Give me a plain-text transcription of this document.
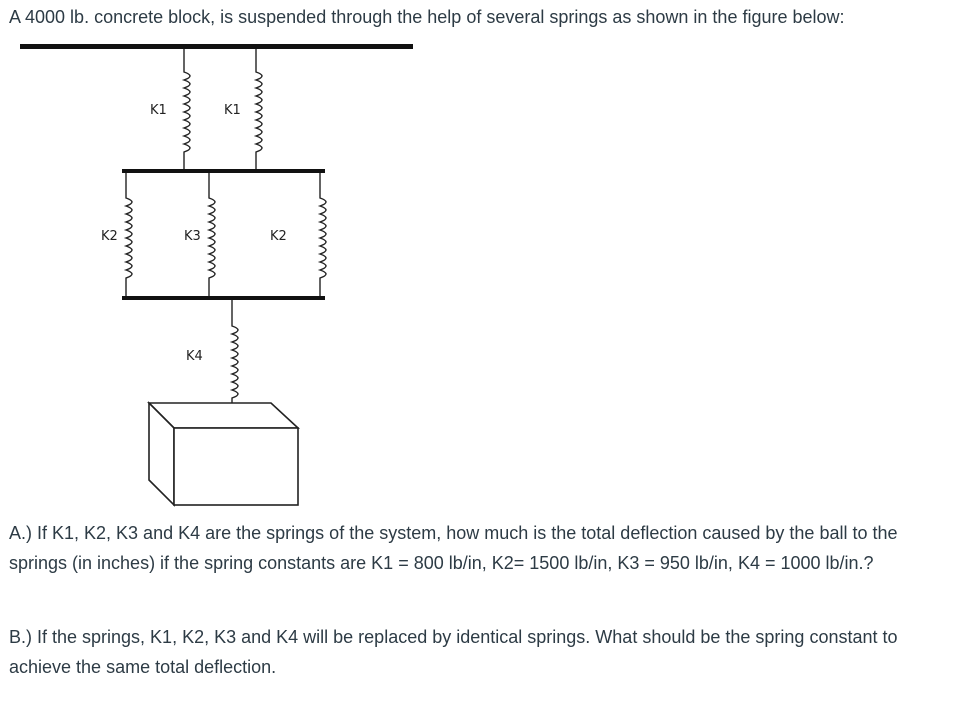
A 4000 lb. concrete block, is suspended through the help of several springs as shown in the figure below:
K1	K1
K2	K3	K2
K4
A.) If K1, K2, K3 and K4 are the springs of the system, how much is the total deflection caused by the ball to the springs (in inches) if the spring constants are K1 = 800 lb/in, K2= 1500 lb/in, K3 = 950 lb/in, K4 = 1000 lb/in.?
B.) If the springs, K1, K2, K3 and K4 will be replaced by identical springs. What should be the spring constant to achieve the same total deflection.
